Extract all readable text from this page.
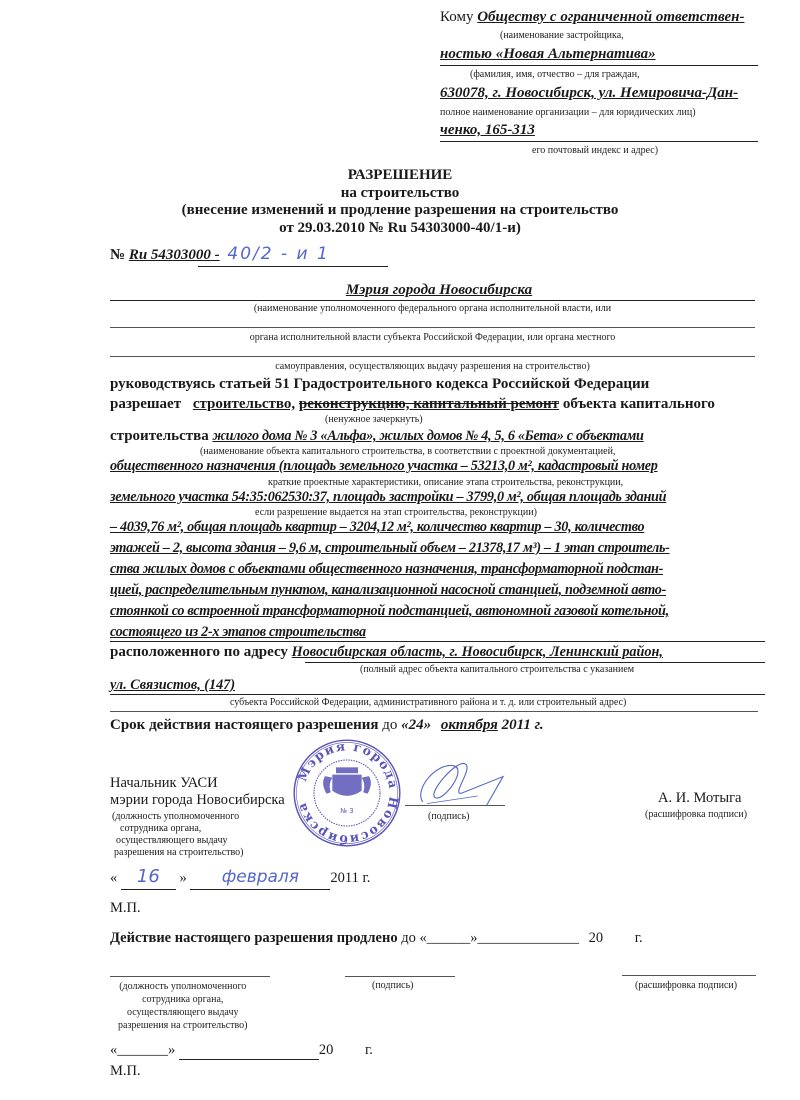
Кому Обществу с ограниченной ответствен-
(наименование застройщика,
ностью «Новая Альтернатива»
(фамилия, имя, отчество – для граждан,
630078, г. Новосибирск, ул. Немировича-Дан-
полное наименование организации – для юридических лиц)
ченко, 165-313
его почтовый индекс и адрес)
РАЗРЕШЕНИЕ
на строительство
(внесение изменений и продление разрешения на строительство
от 29.03.2010 № Ru 54303000-40/1-и)
№ Ru 54303000 - 40/2 - и 1
Мэрия города Новосибирска
(наименование уполномоченного федерального органа исполнительной власти, или
органа исполнительной власти субъекта Российской Федерации, или органа местного
самоуправления, осуществляющих выдачу разрешения на строительство)
руководствуясь статьей 51 Градостроительного кодекса Российской Федерации
разрешает строительство, реконструкцию, капитальный ремонт объекта капитального
(ненужное зачеркнуть)
строительства жилого дома № 3 «Альфа», жилых домов № 4, 5, 6 «Бета» с объектами
(наименование объекта капитального строительства, в соответствии с проектной документацией,
общественного назначения (площадь земельного участка – 53213,0 м², кадастровый номер
краткие проектные характеристики, описание этапа строительства, реконструкции,
земельного участка 54:35:062530:37, площадь застройки – 3799,0 м², общая площадь зданий
если разрешение выдается на этап строительства, реконструкции)
– 4039,76 м², общая площадь квартир – 3204,12 м², количество квартир – 30, количество
этажей – 2, высота здания – 9,6 м, строительный объем – 21378,17 м³) – 1 этап строитель-
ства жилых домов с объектами общественного назначения, трансформаторной подстан-
цией, распределительным пунктом, канализационной насосной станцией, подземной авто-
стоянкой со встроенной трансформаторной подстанцией, автономной газовой котельной,
состоящего из 2-х этапов строительства
расположенного по адресу Новосибирская область, г. Новосибирск, Ленинский район,
(полный адрес объекта капитального строительства с указанием
ул. Связистов, (147)
субъекта Российской Федерации, административного района и т. д. или строительный адрес)
Срок действия настоящего разрешения до «24» октября 2011 г.
Мэрия города Новосибирска	№ 3
Начальник УАСИ
мэрии города Новосибирска
(должность уполномоченного
сотрудника органа,
осуществляющего выдачу
разрешения на строительство)
(подпись)
А. И. Мотыга
(расшифровка подписи)
« 16 » февраля 2011 г.
М.П.
Действие настоящего разрешения продлено до «______»______________ 20 г.
(должность уполномоченного
сотрудника органа,
осуществляющего выдачу
разрешения на строительство)
(подпись)	(расшифровка подписи)
«_______»	20 г.
М.П.
